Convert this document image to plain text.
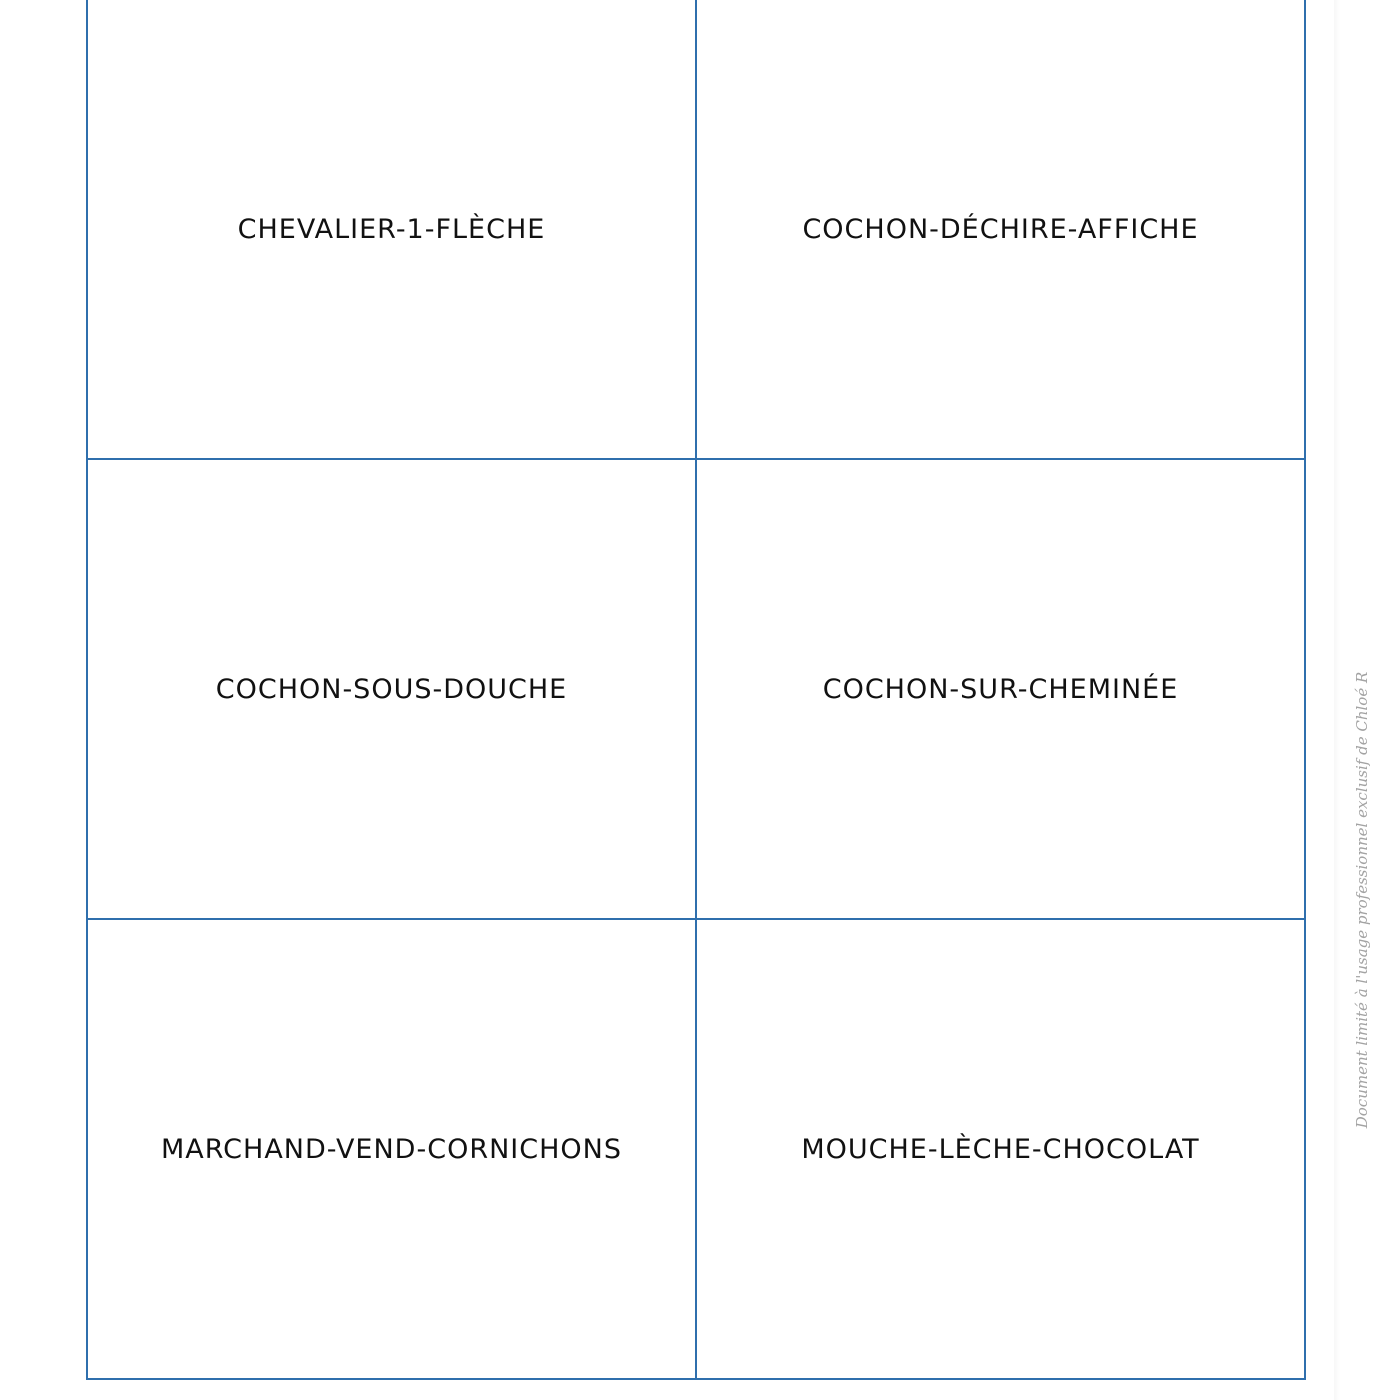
CHEVALIER-1-FLÈCHE	COCHON-DÉCHIRE-AFFICHE
COCHON-SOUS-DOUCHE	COCHON-SUR-CHEMINÉE
MARCHAND-VEND-CORNICHONS	MOUCHE-LÈCHE-CHOCOLAT
Document limité à l'usage professionnel exclusif de Chloé R
